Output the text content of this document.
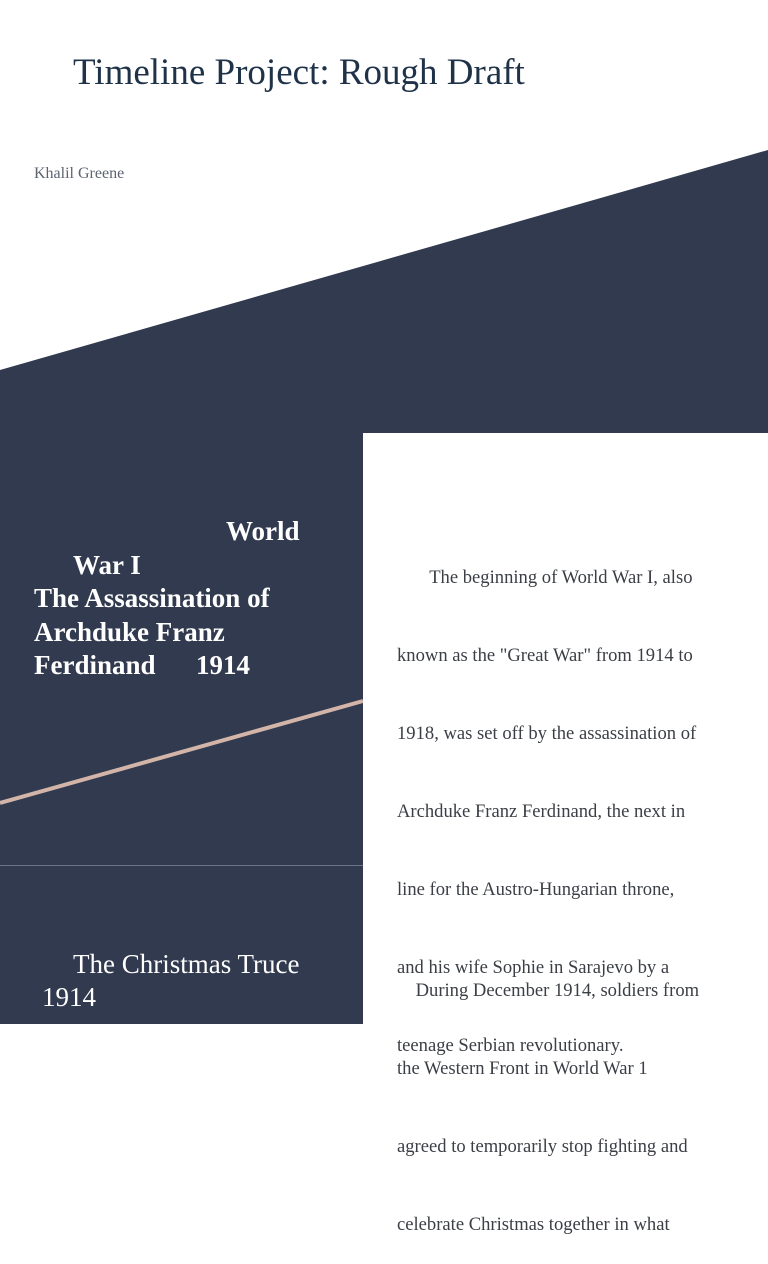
Timeline Project: Rough Draft
Khalil Greene
World
War I
The Assassination of
Archduke Franz
Ferdinand      1914

The beginning of World War I, also

known as the "Great War" from 1914 to

1918, was set off by the assassination of

Archduke Franz Ferdinand, the next in

line for the Austro-Hungarian throne,

and his wife Sophie in Sarajevo by a

teenage Serbian revolutionary.

The Christmas Truce
1914

	During December 1914, soldiers from

the Western Front in World War 1

agreed to temporarily stop fighting and

celebrate Christmas together in what
